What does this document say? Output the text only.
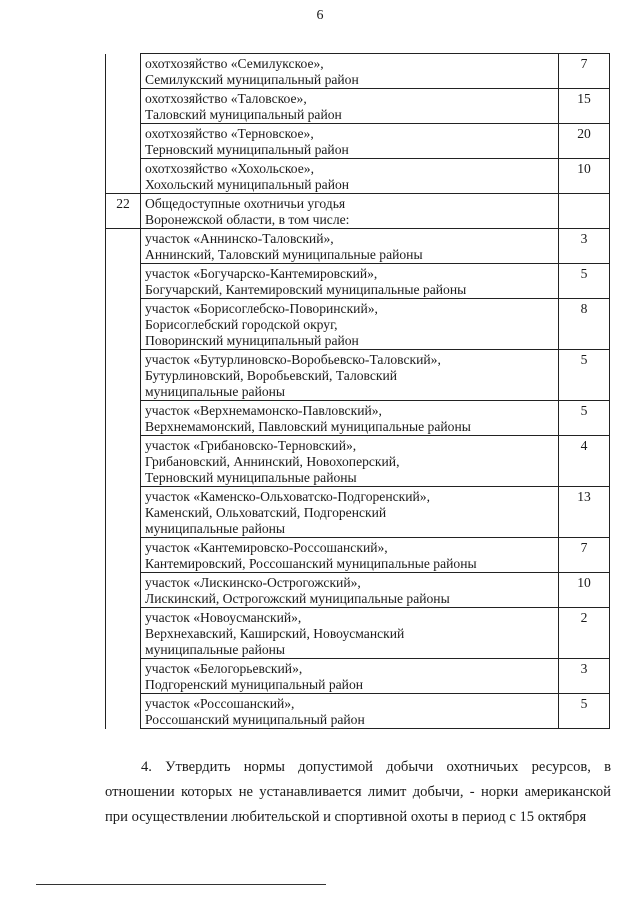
6

	охотхозяйство «Семилукское»,
Семилукский муниципальный район	7

	охотхозяйство «Таловское»,
Таловский муниципальный район	15

	охотхозяйство «Терновское»,
Терновский муниципальный район	20

	охотхозяйство «Хохольское»,
Хохольский муниципальный район	10
22	Общедоступные охотничьи угодья
Воронежской области, в том числе:	

	участок «Аннинско-Таловский»,
Аннинский, Таловский муниципальные районы	3

	участок «Богучарско-Кантемировский»,
Богучарский, Кантемировский муниципальные районы	5

	участок «Борисоглебско-Поворинский»,
Борисоглебский городской округ,
Поворинский муниципальный район	8

	участок «Бутурлиновско-Воробьевско-Таловский»,
Бутурлиновский, Воробьевский, Таловский
муниципальные районы	5

	участок «Верхнемамонско-Павловский»,
Верхнемамонский, Павловский муниципальные районы	5

	участок «Грибановско-Терновский»,
Грибановский, Аннинский, Новохоперский,
Терновский муниципальные районы	4

	участок «Каменско-Ольховатско-Подгоренский»,
Каменский, Ольховатский, Подгоренский
муниципальные районы	13

	участок «Кантемировско-Россошанский»,
Кантемировский, Россошанский муниципальные районы	7

	участок «Лискинско-Острогожский»,
Лискинский, Острогожский муниципальные районы	10

	участок «Новоусманский»,
Верхнехавский, Каширский, Новоусманский
муниципальные районы	2

	участок «Белогорьевский»,
Подгоренский муниципальный район	3

	участок «Россошанский»,
Россошанский муниципальный район	5

4. Утвердить нормы допустимой добычи охотничьих ресурсов, в отношении которых не устанавливается лимит добычи, - норки американской при осуществлении любительской и спортивной охоты в период с 15 октября
